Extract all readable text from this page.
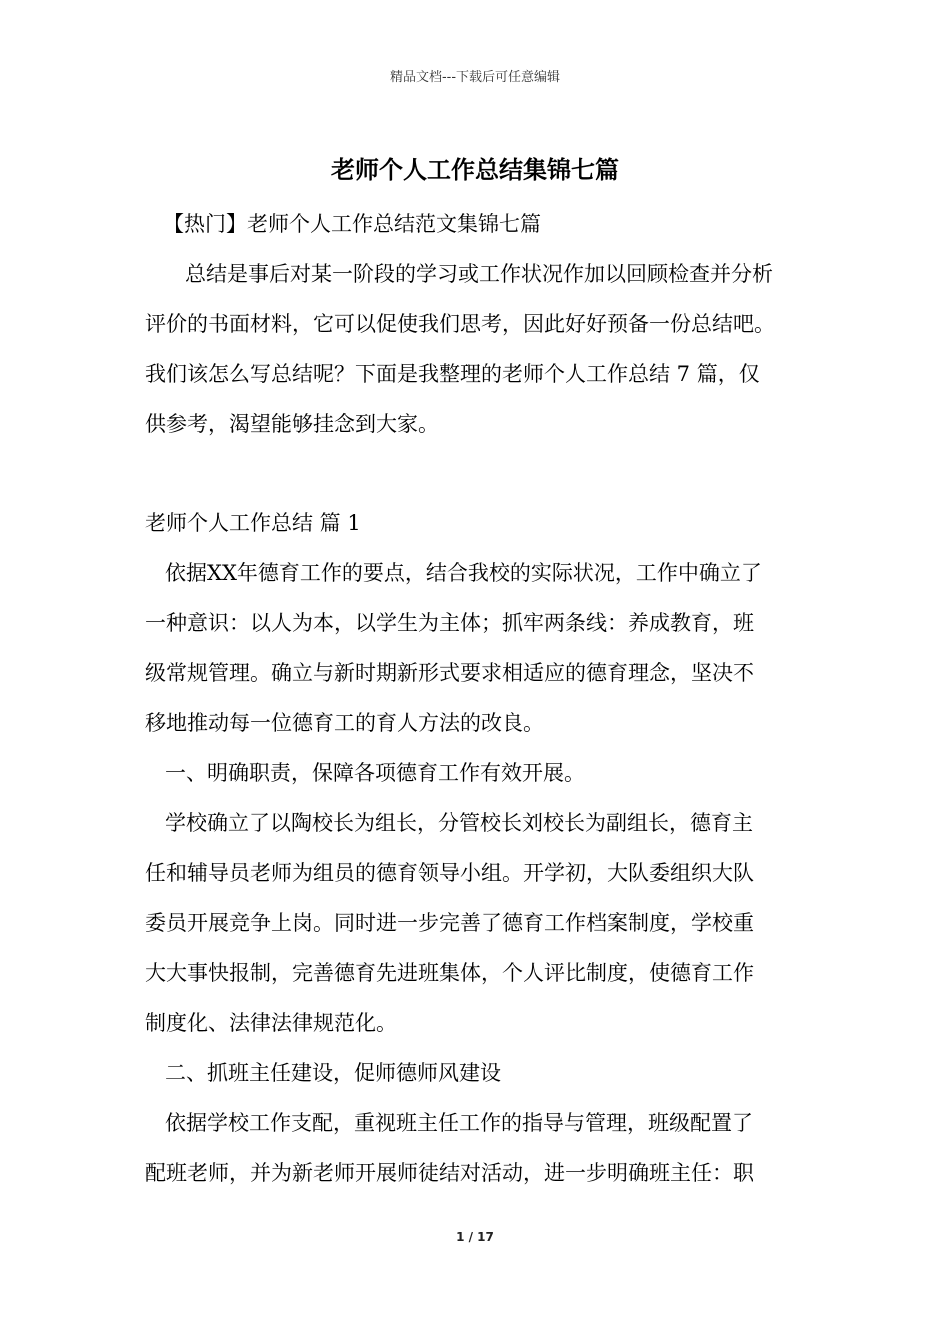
精品文档---下载后可任意编辑
老师个人工作总结集锦七篇
【热门】老师个人工作总结范文集锦七篇
总结是事后对某一阶段的学习或工作状况作加以回顾检查并分析
评价的书面材料，它可以促使我们思考，因此好好预备一份总结吧。
我们该怎么写总结呢？下面是我整理的老师个人工作总结 7 篇，仅
供参考，渴望能够挂念到大家。
老师个人工作总结 篇 1
依据XX年德育工作的要点，结合我校的实际状况，工作中确立了
一种意识：以人为本，以学生为主体；抓牢两条线：养成教育，班
级常规管理。确立与新时期新形式要求相适应的德育理念，坚决不
移地推动每一位德育工的育人方法的改良。
一、明确职责，保障各项德育工作有效开展。
学校确立了以陶校长为组长，分管校长刘校长为副组长，德育主
任和辅导员老师为组员的德育领导小组。开学初，大队委组织大队
委员开展竞争上岗。同时进一步完善了德育工作档案制度，学校重
大大事快报制，完善德育先进班集体，个人评比制度，使德育工作
制度化、法律法律规范化。
二、抓班主任建设，促师德师风建设
依据学校工作支配，重视班主任工作的指导与管理，班级配置了
配班老师，并为新老师开展师徒结对活动，进一步明确班主任：职
1 / 17
